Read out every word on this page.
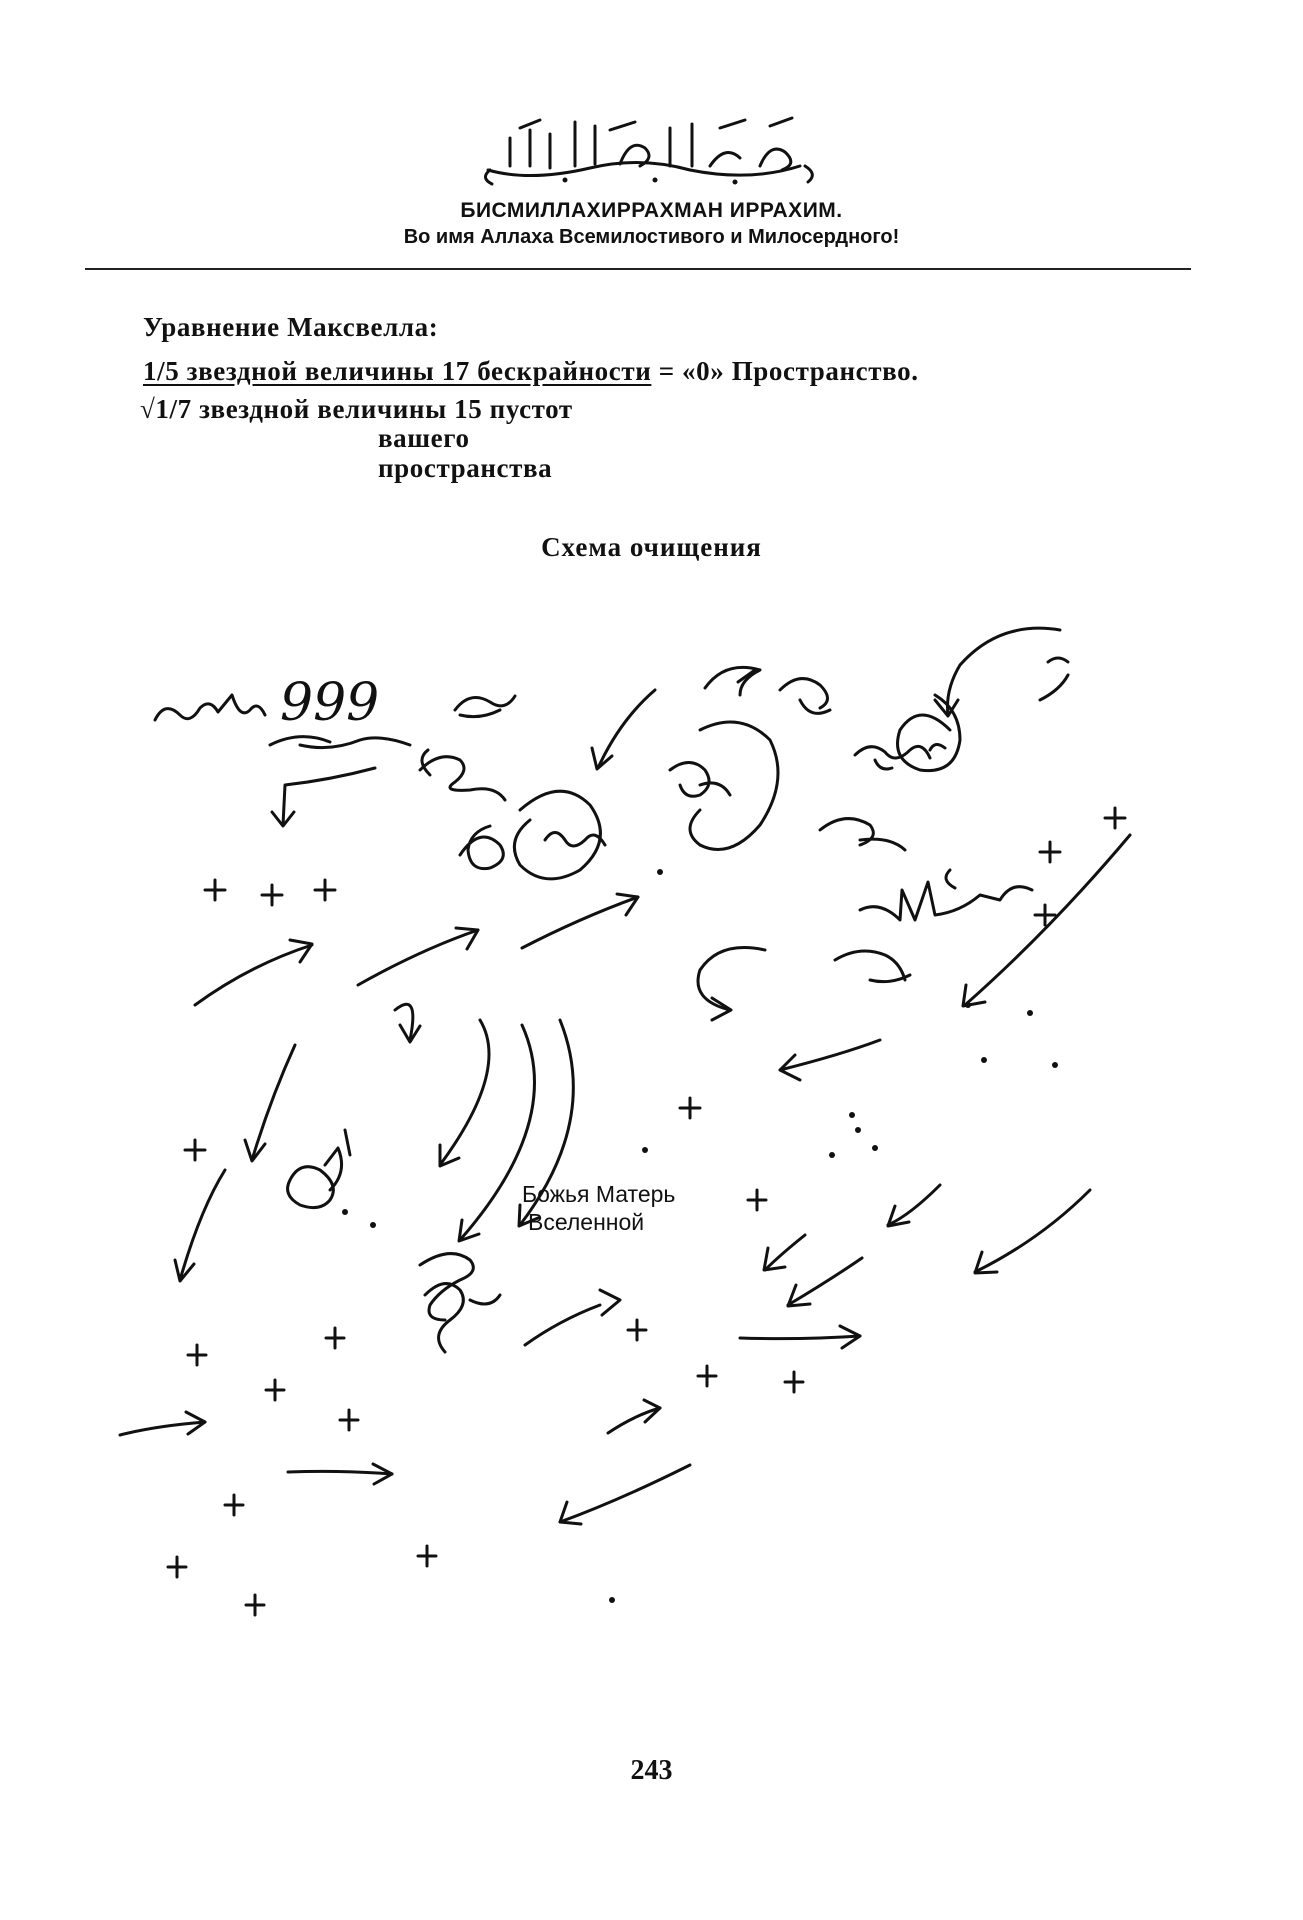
БИСМИЛЛАХИРРАХМАН ИРРАХИМ.
Во имя Аллаха Всемилостивого и Милосердного!
Уравнение Максвелла:
1/5 звездной величины 17 бескрайности = «0» Пространство.
√1/7 звездной величины 15 пустот
вашего
пространства
Схема очищения
999
Божья Матерь
Вселенной
243
